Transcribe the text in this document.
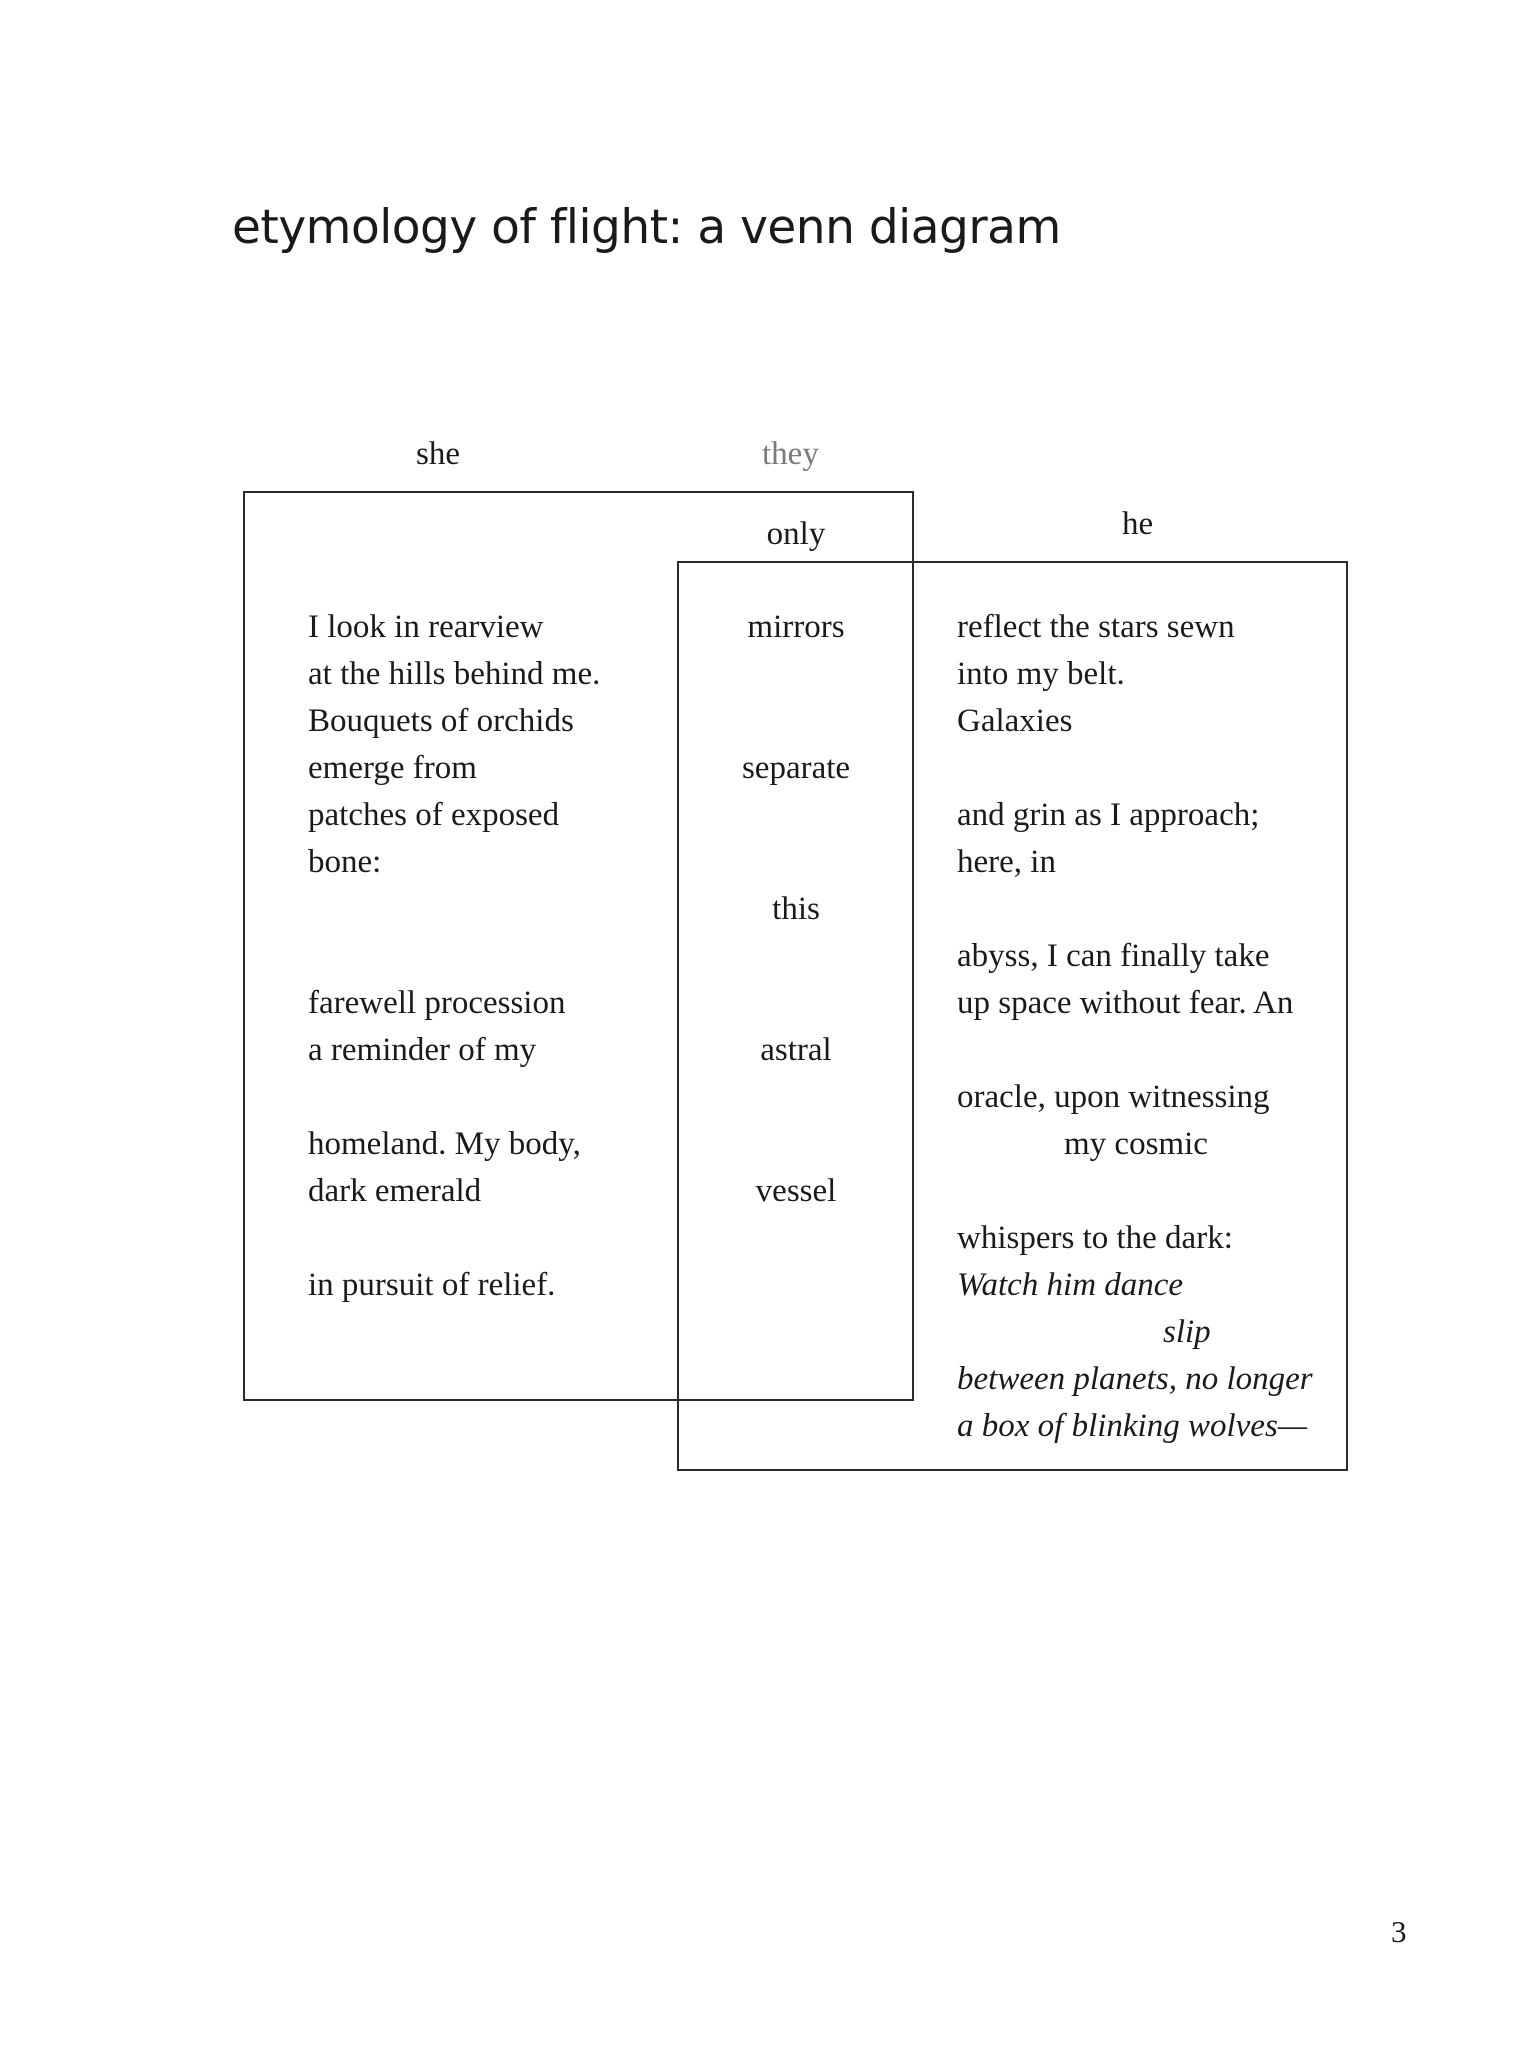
etymology of flight: a venn diagram
she	they
he
I look in rearview
at the hills behind me.
Bouquets of orchids
emerge from
patches of exposed
bone:
farewell procession
a reminder of my
homeland. My body,
dark emerald
in pursuit of relief.
only
mirrors
separate
this
astral
vessel
reflect the stars sewn
into my belt.
Galaxies
and grin as I approach;
here, in
abyss, I can finally take
up space without fear. An
oracle, upon witnessing
my cosmic
whispers to the dark:
Watch him dance
slip
between planets, no longer
a box of blinking wolves—
3
